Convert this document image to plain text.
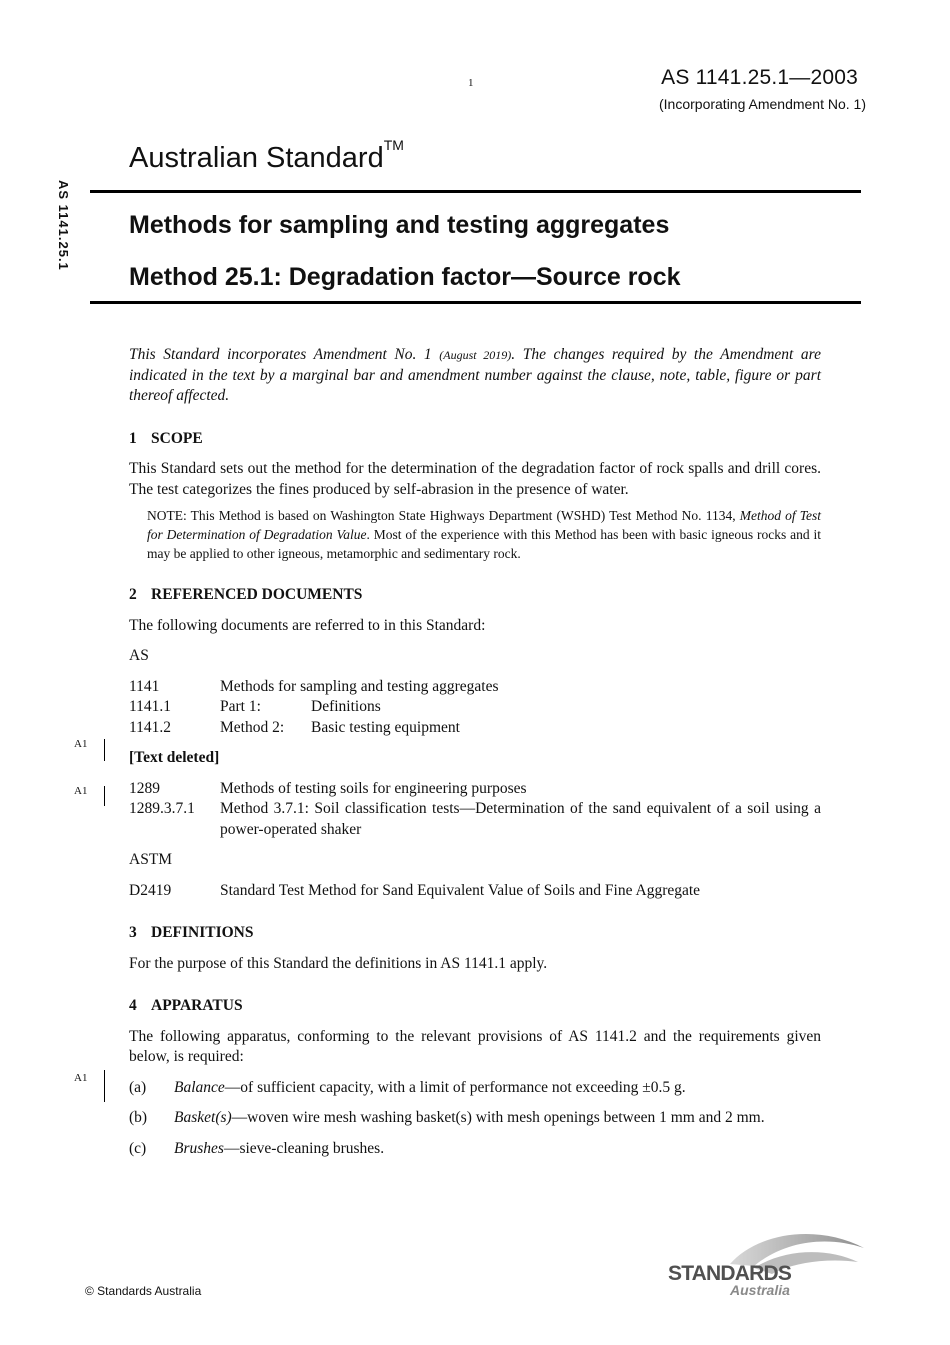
1	AS 1141.25.1—2003
(Incorporating Amendment No. 1)
AS 1141.25.1
Australian Standard™
Methods for sampling and testing aggregates
Method 25.1: Degradation factor—Source rock
A1
A1
A1
This Standard incorporates Amendment No. 1 (August 2019). The changes required by the Amendment are indicated in the text by a marginal bar and amendment number against the clause, note, table, figure or part thereof affected.
1 SCOPE

This Standard sets out the method for the determination of the degradation factor of rock spalls and drill cores. The test categorizes the fines produced by self-abrasion in the presence of water.

NOTE: This Method is based on Washington State Highways Department (WSHD) Test Method No. 1134, Method of Test for Determination of Degradation Value. Most of the experience with this Method has been with basic igneous rocks and it may be applied to other igneous, metamorphic and sedimentary rock.
2 REFERENCED DOCUMENTS

The following documents are referred to in this Standard:

AS

1141	Methods for sampling and testing aggregates
1141.1	Part 1:	Definitions
1141.2	Method 2: Basic testing equipment

[Text deleted]

1289	Methods of testing soils for engineering purposes
1289.3.7.1	Method 3.7.1: Soil classification tests—Determination of the sand equivalent of a soil using a power-operated shaker

ASTM

D2419	Standard Test Method for Sand Equivalent Value of Soils and Fine Aggregate
3 DEFINITIONS

For the purpose of this Standard the definitions in AS 1141.1 apply.

4 APPARATUS

The following apparatus, conforming to the relevant provisions of AS 1141.2 and the requirements given below, is required:

(a)	Balance—of sufficient capacity, with a limit of performance not exceeding ±0.5 g.
(b)	Basket(s)—woven wire mesh washing basket(s) with mesh openings between 1 mm and 2 mm.
(c)	Brushes—sieve-cleaning brushes.
© Standards Australia
STANDARDS
Australia
